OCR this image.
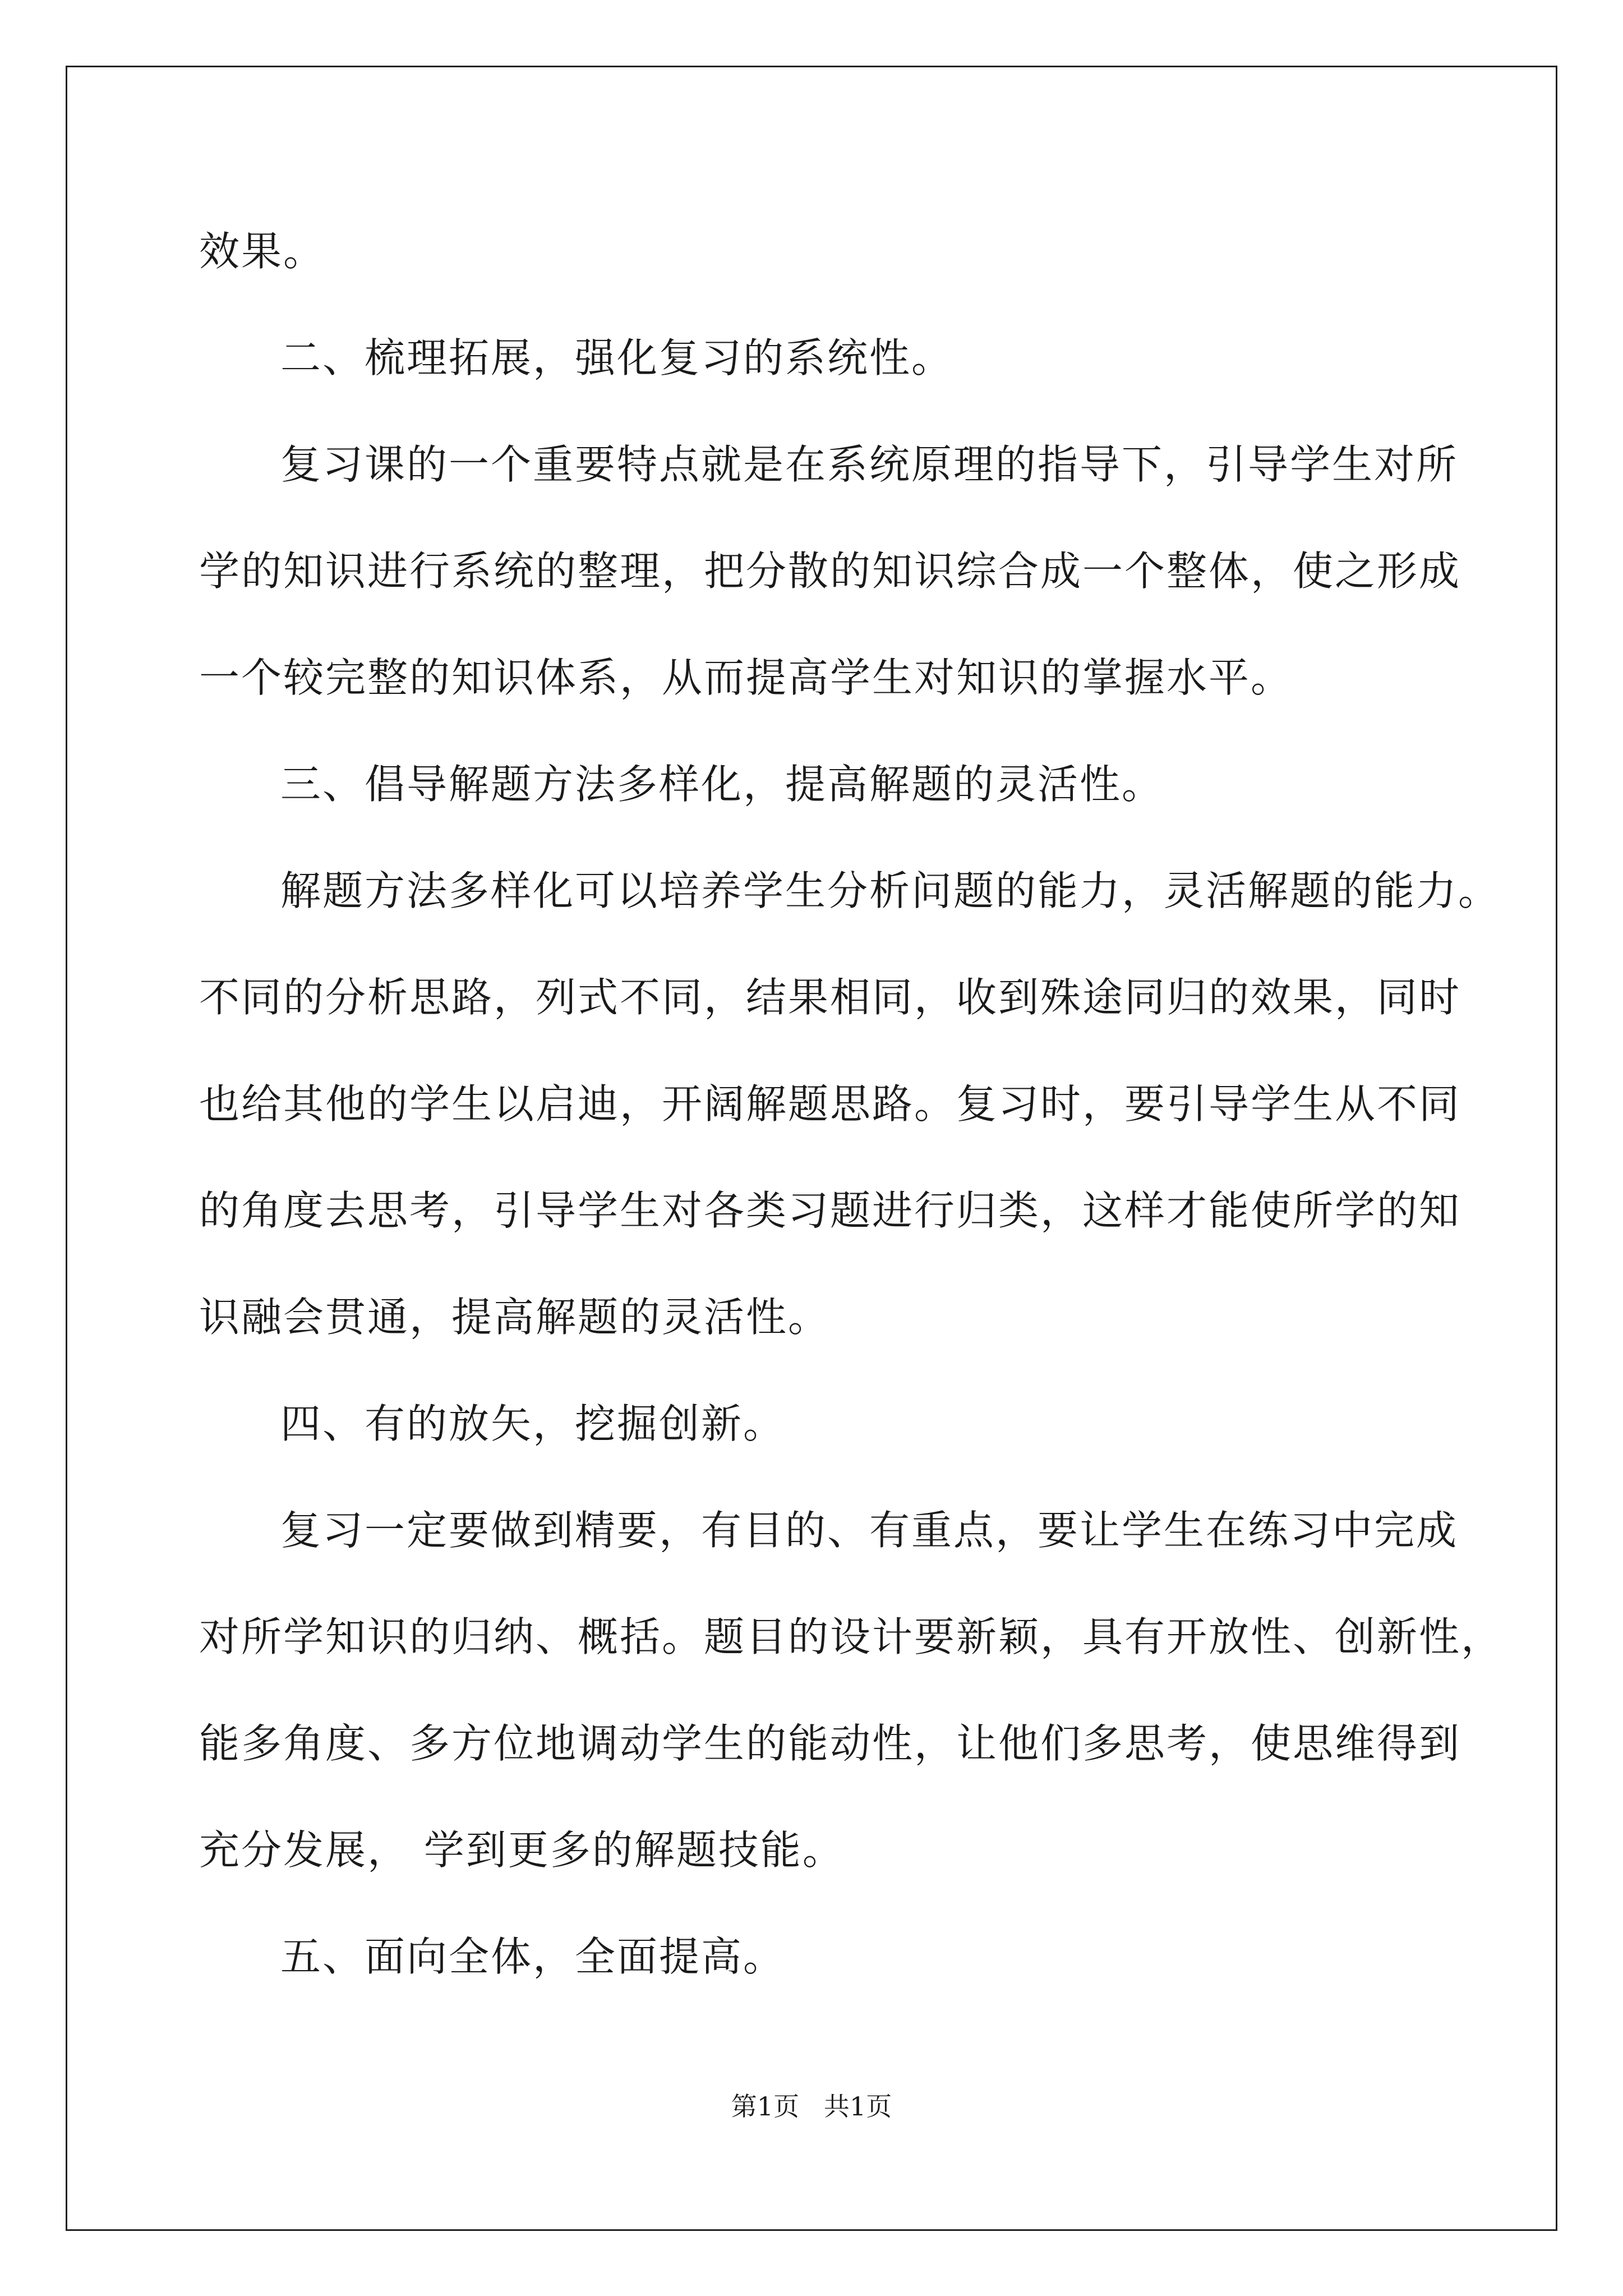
效果。
二、梳理拓展，强化复习的系统性。
复习课的一个重要特点就是在系统原理的指导下，引导学生对所
学的知识进行系统的整理，把分散的知识综合成一个整体，使之形成
一个较完整的知识体系，从而提高学生对知识的掌握水平。
三、倡导解题方法多样化，提高解题的灵活性。
解题方法多样化可以培养学生分析问题的能力，灵活解题的能力。
不同的分析思路，列式不同，结果相同，收到殊途同归的效果，同时
也给其他的学生以启迪，开阔解题思路。复习时，要引导学生从不同
的角度去思考，引导学生对各类习题进行归类，这样才能使所学的知
识融会贯通，提高解题的灵活性。
四、有的放矢，挖掘创新。
复习一定要做到精要，有目的、有重点，要让学生在练习中完成
对所学知识的归纳、概括。题目的设计要新颖，具有开放性、创新性，
能多角度、多方位地调动学生的能动性，让他们多思考，使思维得到
充分发展， 学到更多的解题技能。
五、面向全体，全面提高。
第1页   共1页
